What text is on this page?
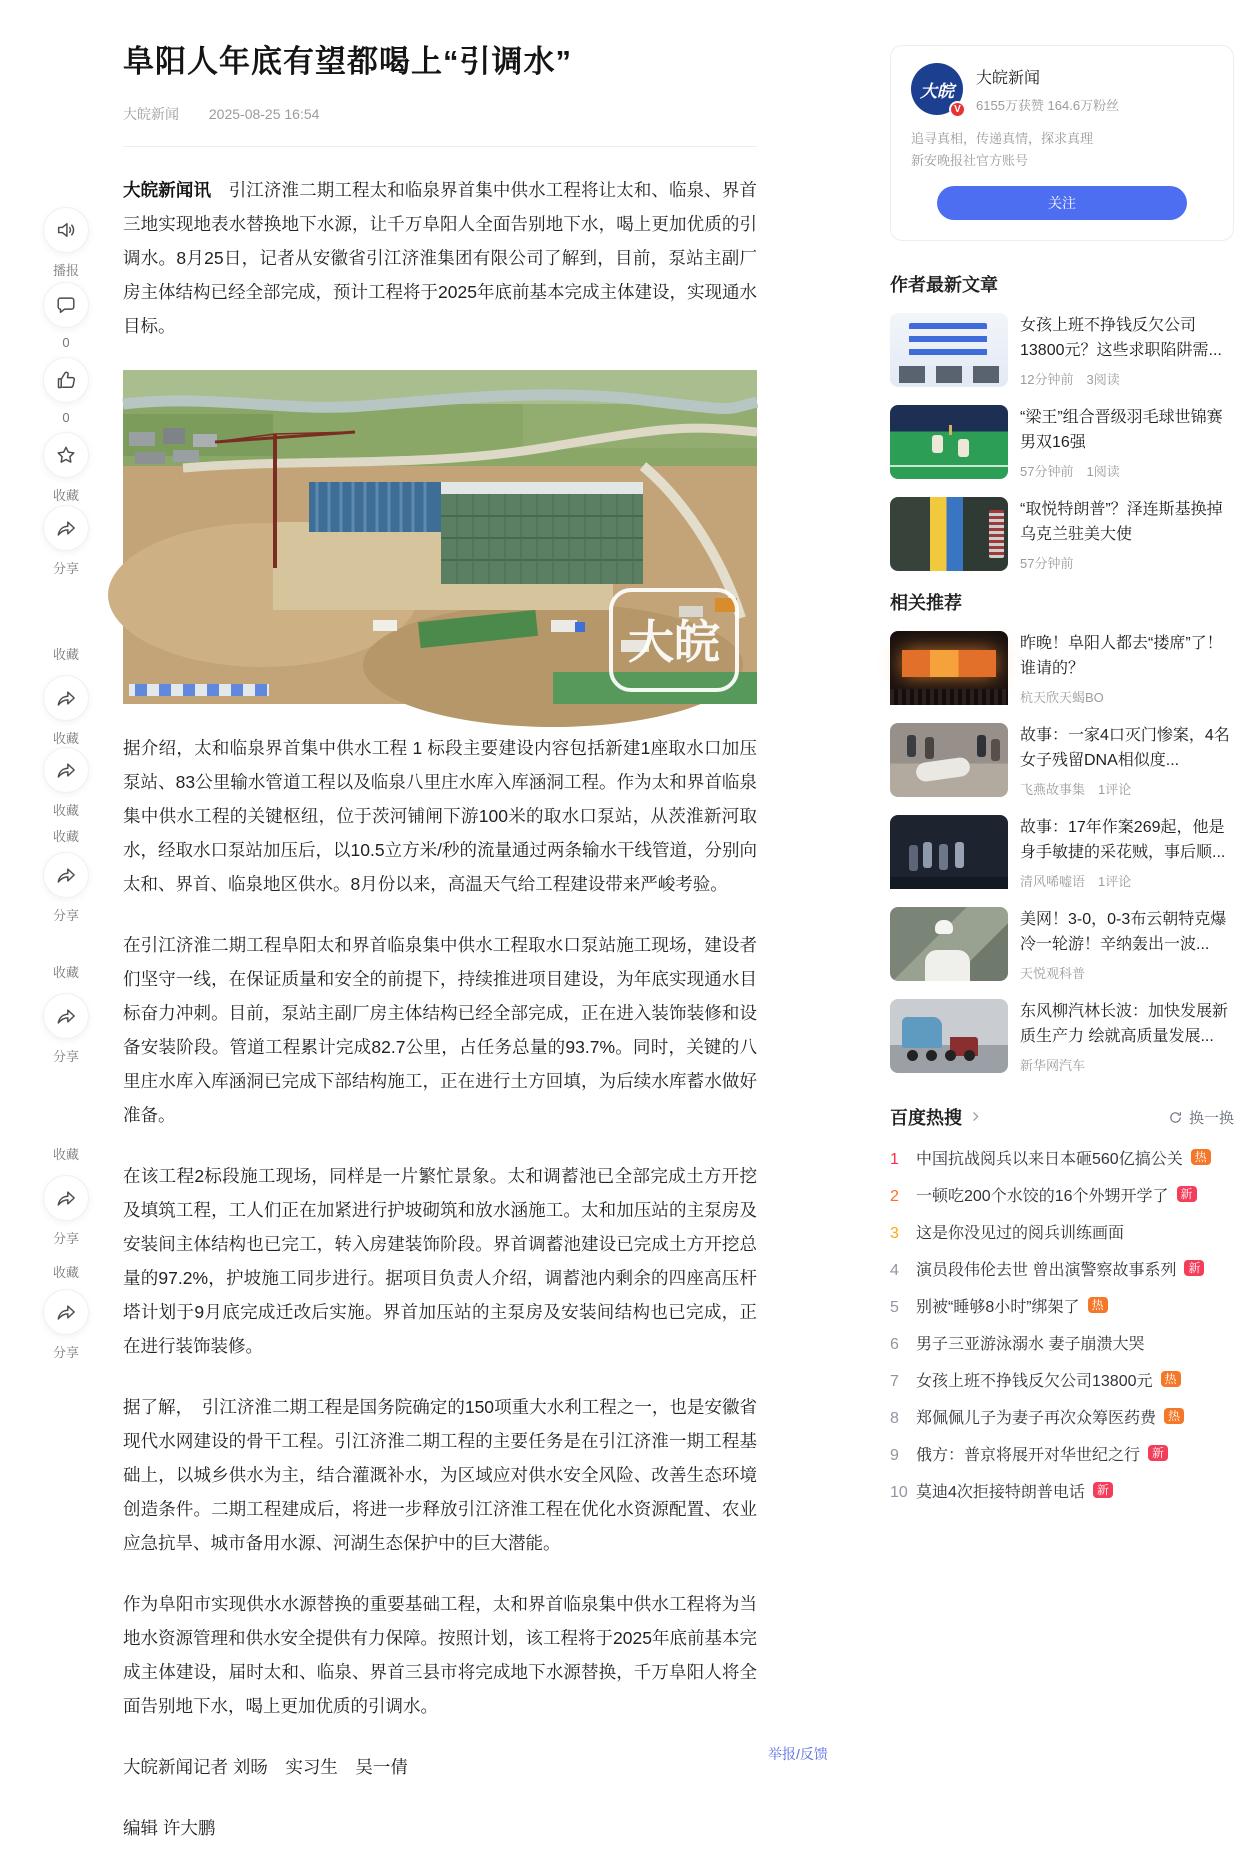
播报
0
0
收藏
分享
收藏
收藏
收藏
收藏
分享
收藏
分享
收藏
分享
收藏
分享
阜阳人年底有望都喝上“引调水”
大皖新闻 2025-08-25 16:54

大皖新闻讯　引江济淮二期工程太和临泉界首集中供水工程将让太和、临泉、界首三地实现地表水替换地下水源，让千万阜阳人全面告别地下水，喝上更加优质的引调水。8月25日，记者从安徽省引江济淮集团有限公司了解到，目前，泵站主副厂房主体结构已经全部完成，预计工程将于2025年底前基本完成主体建设，实现通水目标。

大皖

据介绍，太和临泉界首集中供水工程 1 标段主要建设内容包括新建1座取水口加压泵站、83公里输水管道工程以及临泉八里庄水库入库涵洞工程。作为太和界首临泉集中供水工程的关键枢纽，位于茨河铺闸下游100米的取水口泵站，从茨淮新河取水，经取水口泵站加压后，以10.5立方米/秒的流量通过两条输水干线管道，分别向太和、界首、临泉地区供水。8月份以来，高温天气给工程建设带来严峻考验。

在引江济淮二期工程阜阳太和界首临泉集中供水工程取水口泵站施工现场，建设者们坚守一线，在保证质量和安全的前提下，持续推进项目建设，为年底实现通水目标奋力冲刺。目前，泵站主副厂房主体结构已经全部完成，正在进入装饰装修和设备安装阶段。管道工程累计完成82.7公里，占任务总量的93.7%。同时，关键的八里庄水库入库涵洞已完成下部结构施工，正在进行土方回填，为后续水库蓄水做好准备。

在该工程2标段施工现场，同样是一片繁忙景象。太和调蓄池已全部完成土方开挖及填筑工程，工人们正在加紧进行护坡砌筑和放水涵施工。太和加压站的主泵房及安装间主体结构也已完工，转入房建装饰阶段。界首调蓄池建设已完成土方开挖总量的97.2%，护坡施工同步进行。据项目负责人介绍，调蓄池内剩余的四座高压杆塔计划于9月底完成迁改后实施。界首加压站的主泵房及安装间结构也已完成，正在进行装饰装修。

据了解，　引江济淮二期工程是国务院确定的150项重大水利工程之一，也是安徽省现代水网建设的骨干工程。引江济淮二期工程的主要任务是在引江济淮一期工程基础上，以城乡供水为主，结合灌溉补水，为区域应对供水安全风险、改善生态环境创造条件。二期工程建成后，将进一步释放引江济淮工程在优化水资源配置、农业应急抗旱、城市备用水源、河湖生态保护中的巨大潜能。

作为阜阳市实现供水水源替换的重要基础工程，太和界首临泉集中供水工程将为当地水资源管理和供水安全提供有力保障。按照计划，该工程将于2025年底前基本完成主体建设，届时太和、临泉、界首三县市将完成地下水源替换，千万阜阳人将全面告别地下水，喝上更加优质的引调水。

大皖新闻记者 刘旸　实习生　吴一倩

编辑 许大鹏

举报/反馈
大皖
V
大皖新闻
6155万获赞 164.6万粉丝
追寻真相，传递真情，探求真理
新安晚报社官方账号
关注
作者最新文章
女孩上班不挣钱反欠公司13800元？这些求职陷阱需...
12分钟前　3阅读
“梁王”组合晋级羽毛球世锦赛男双16强
57分钟前　1阅读
“取悦特朗普”？泽连斯基换掉乌克兰驻美大使
57分钟前
相关推荐
昨晚！阜阳人都去“搂席”了！谁请的？
杭天欣天蝎BO
故事：一家4口灭门惨案，4名女子残留DNA相似度...
飞燕故事集　1评论
故事：17年作案269起，他是身手敏捷的采花贼，事后顺...
清风唏嘘语　1评论
美网！3-0，0-3布云朝特克爆冷一轮游！辛纳轰出一波...
天悦观科普
东风柳汽林长波：加快发展新质生产力 绘就高质量发展...
新华网汽车
百度热搜	换一换
1	中国抗战阅兵以来日本砸560亿搞公关	热
2	一顿吃200个水饺的16个外甥开学了	新
3	这是你没见过的阅兵训练画面
4	演员段伟伦去世 曾出演警察故事系列	新
5	别被“睡够8小时”绑架了	热
6	男子三亚游泳溺水 妻子崩溃大哭
7	女孩上班不挣钱反欠公司13800元	热
8	郑佩佩儿子为妻子再次众筹医药费	热
9	俄方：普京将展开对华世纪之行	新
10 莫迪4次拒接特朗普电话	新
